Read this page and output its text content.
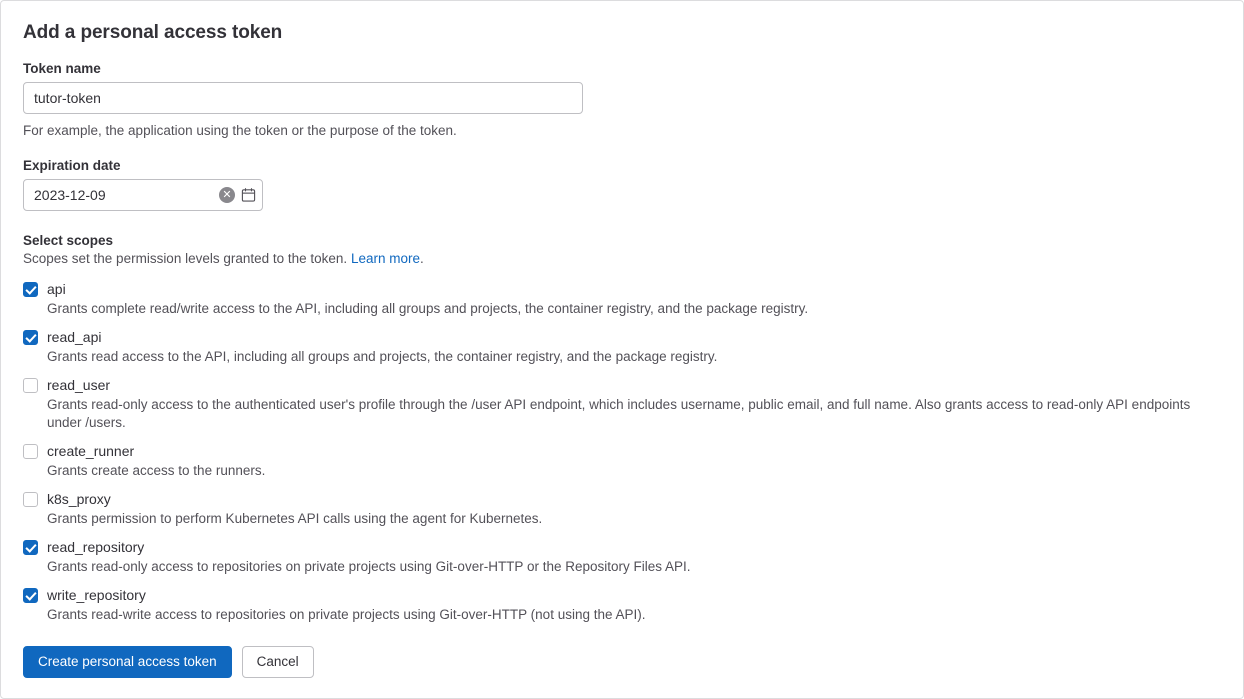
Add a personal access token
Token name
tutor-token

For example, the application using the token or the purpose of the token.

Expiration date
2023-12-09
✕
Select scopes

Scopes set the permission levels granted to the token. Learn more.

api
Grants complete read/write access to the API, including all groups and projects, the container registry, and the package registry.
read_api
Grants read access to the API, including all groups and projects, the container registry, and the package registry.
read_user
Grants read-only access to the authenticated user's profile through the /user API endpoint, which includes username, public email, and full name. Also grants access to read-only API endpoints under /users.
create_runner
Grants create access to the runners.
k8s_proxy
Grants permission to perform Kubernetes API calls using the agent for Kubernetes.
read_repository
Grants read-only access to repositories on private projects using Git-over-HTTP or the Repository Files API.
write_repository
Grants read-write access to repositories on private projects using Git-over-HTTP (not using the API).
Create personal access token	Cancel
